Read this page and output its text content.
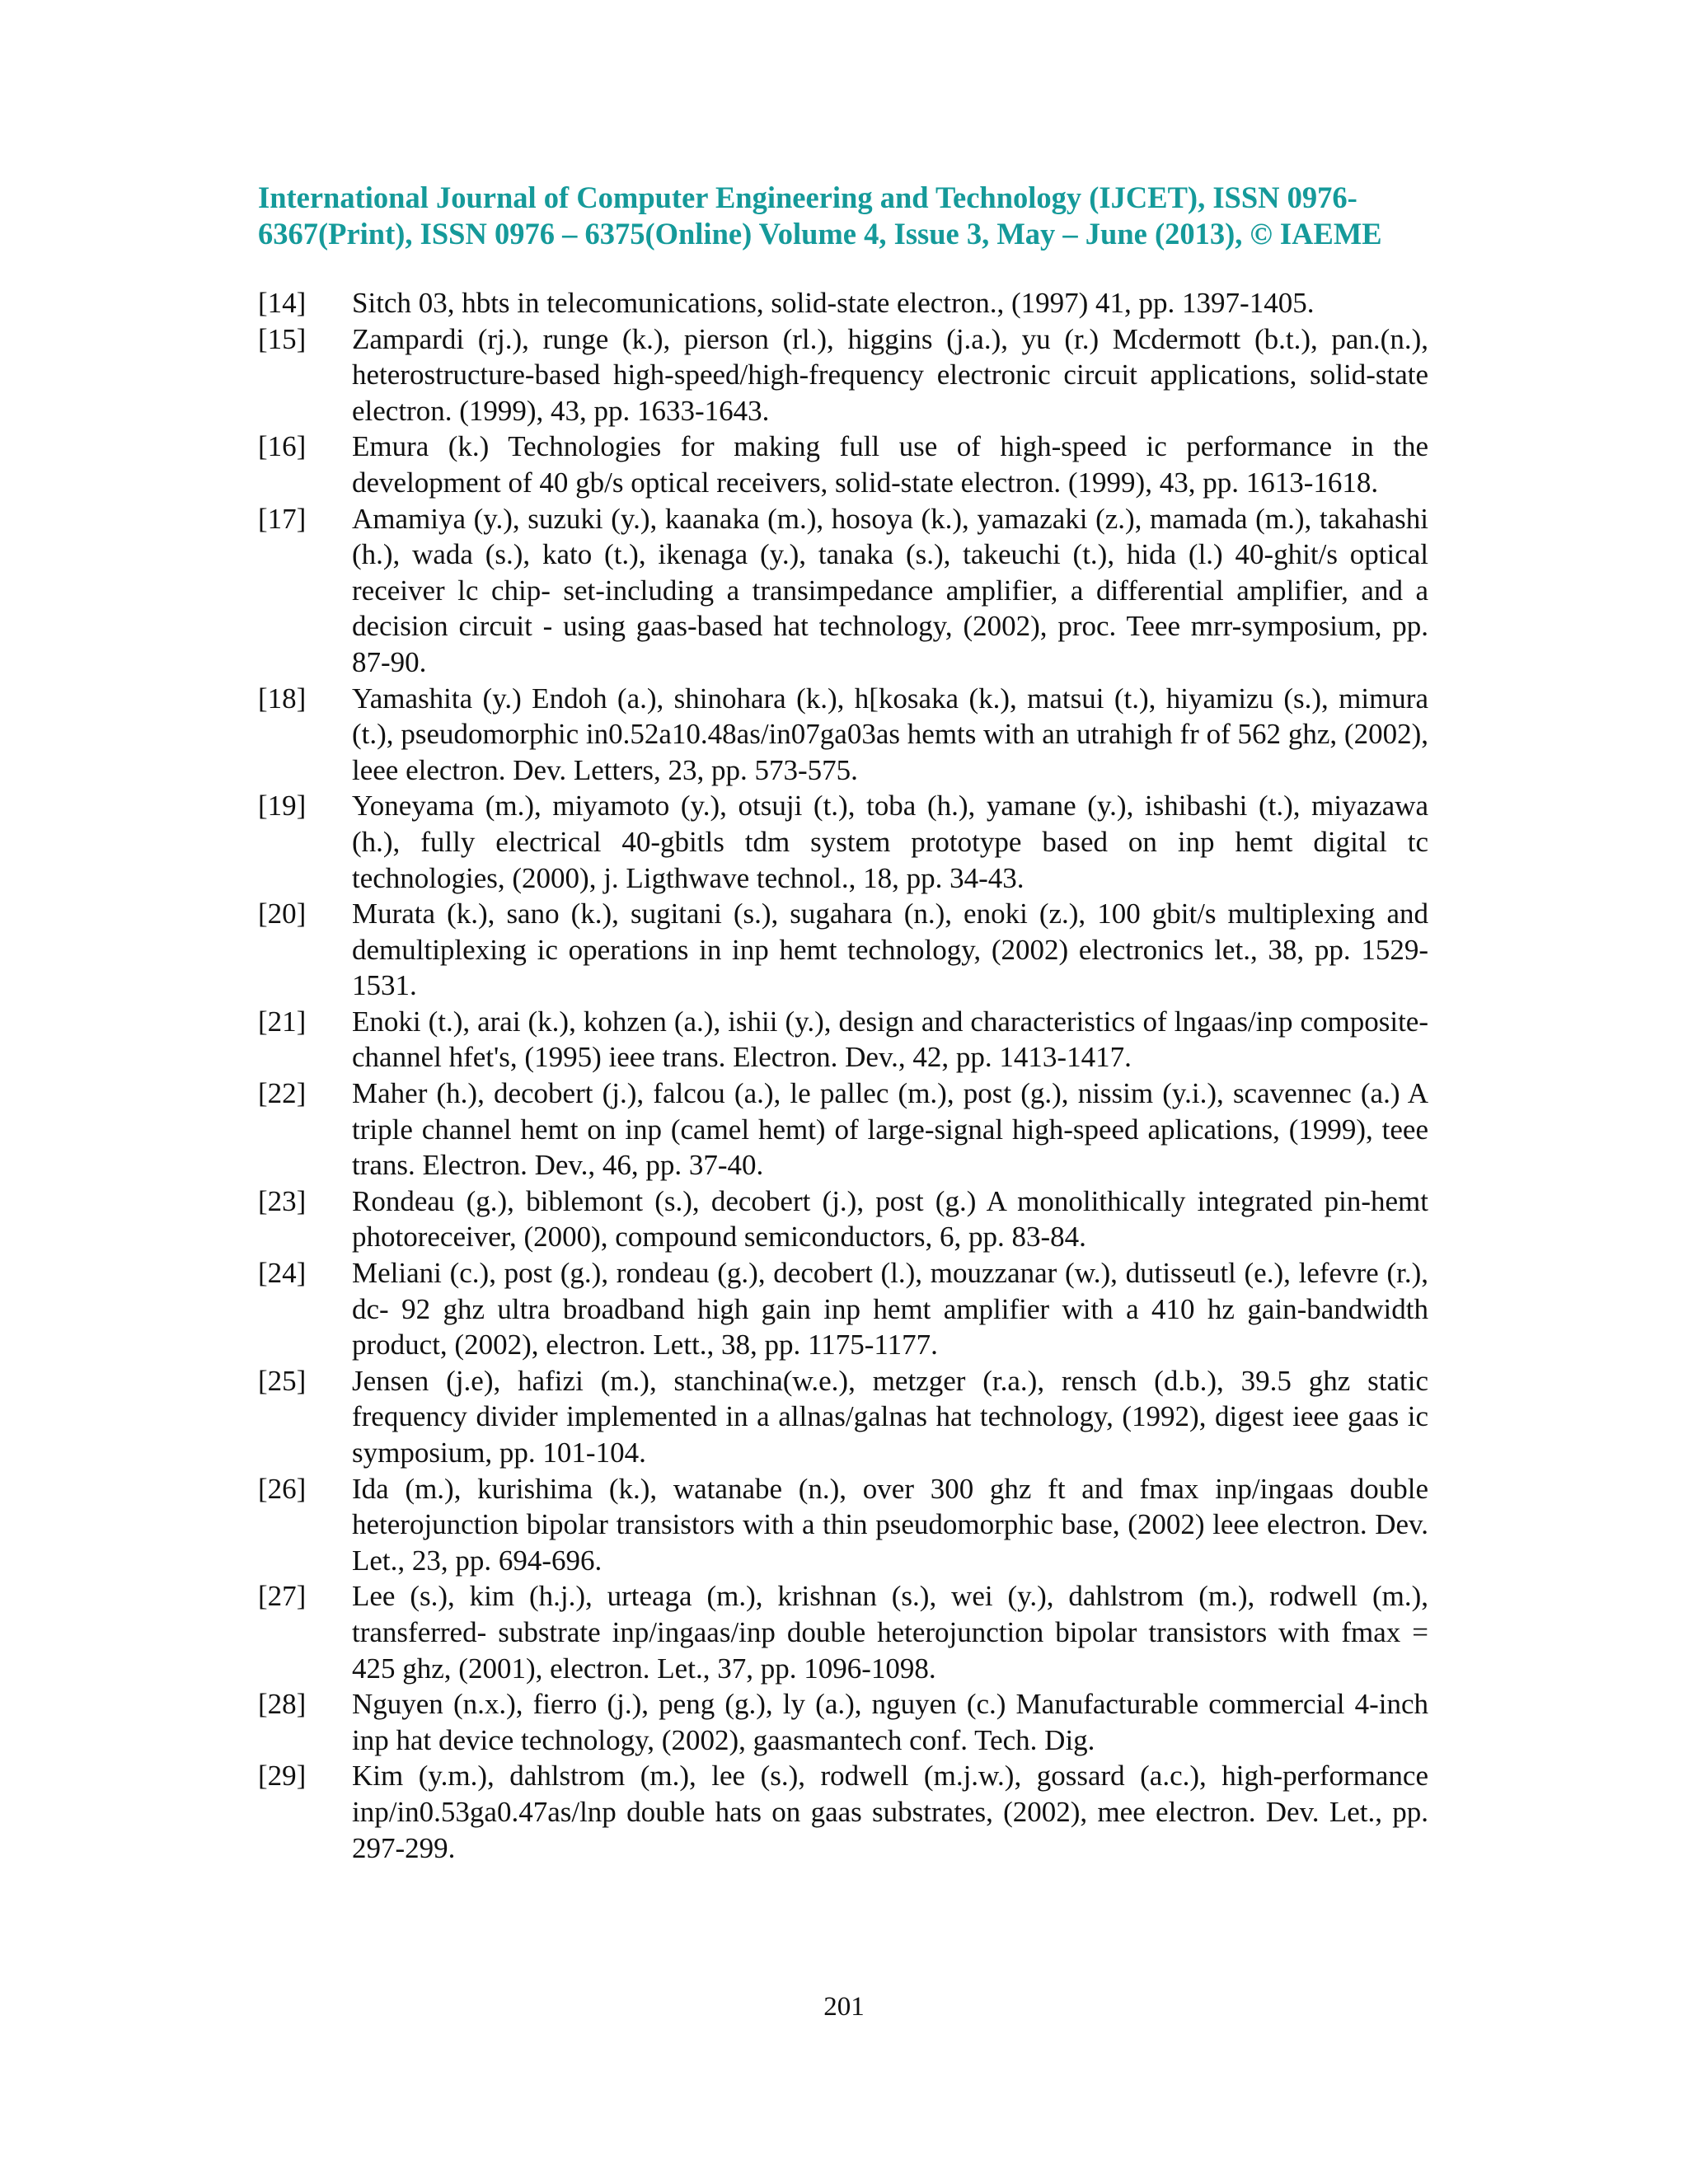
International Journal of Computer Engineering and Technology (IJCET), ISSN 0976-
6367(Print), ISSN 0976 – 6375(Online) Volume 4, Issue 3, May – June (2013), © IAEME
[14]	Sitch 03, hbts in telecomunications, solid-state electron., (1997) 41, pp. 1397-1405.
[15]	Zampardi (rj.), runge (k.), pierson (rl.), higgins (j.a.), yu (r.) Mcdermott (b.t.), pan.(n.), heterostructure-based high-speed/high-frequency electronic circuit applications, solid-state electron. (1999), 43, pp. 1633-1643.
[16]	Emura (k.) Technologies for making full use of high-speed ic performance in the development of 40 gb/s optical receivers, solid-state electron. (1999), 43, pp. 1613-1618.
[17]	Amamiya (y.), suzuki (y.), kaanaka (m.), hosoya (k.), yamazaki (z.), mamada (m.), takahashi (h.), wada (s.), kato (t.), ikenaga (y.), tanaka (s.), takeuchi (t.), hida (l.) 40-ghit/s optical receiver lc chip- set-including a transimpedance amplifier, a differential amplifier, and a decision circuit - using gaas-based hat technology, (2002), proc. Teee mrr-symposium, pp. 87-90.
[18]	Yamashita (y.) Endoh (a.), shinohara (k.), h[kosaka (k.), matsui (t.), hiyamizu (s.), mimura (t.), pseudomorphic in0.52a10.48as/in07ga03as hemts with an utrahigh fr of 562 ghz, (2002), leee electron. Dev. Letters, 23, pp. 573-575.
[19]	Yoneyama (m.), miyamoto (y.), otsuji (t.), toba (h.), yamane (y.), ishibashi (t.), miyazawa (h.), fully electrical 40-gbitls tdm system prototype based on inp hemt digital tc technologies, (2000), j. Ligthwave technol., 18, pp. 34-43.
[20]	Murata (k.), sano (k.), sugitani (s.), sugahara (n.), enoki (z.), 100 gbit/s multiplexing and demultiplexing ic operations in inp hemt technology, (2002) electronics let., 38, pp. 1529-1531.
[21]	Enoki (t.), arai (k.), kohzen (a.), ishii (y.), design and characteristics of lngaas/inp composite-channel hfet's, (1995) ieee trans. Electron. Dev., 42, pp. 1413-1417.
[22]	Maher (h.), decobert (j.), falcou (a.), le pallec (m.), post (g.), nissim (y.i.), scavennec (a.) A triple channel hemt on inp (camel hemt) of large-signal high-speed aplications, (1999), teee trans. Electron. Dev., 46, pp. 37-40.
[23]	Rondeau (g.), biblemont (s.), decobert (j.), post (g.) A monolithically integrated pin-hemt photoreceiver, (2000), compound semiconductors, 6, pp. 83-84.
[24]	Meliani (c.), post (g.), rondeau (g.), decobert (l.), mouzzanar (w.), dutisseutl (e.), lefevre (r.), dc- 92 ghz ultra broadband high gain inp hemt amplifier with a 410 hz gain-bandwidth product, (2002), electron. Lett., 38, pp. 1175-1177.
[25]	Jensen (j.e), hafizi (m.), stanchina(w.e.), metzger (r.a.), rensch (d.b.), 39.5 ghz static frequency divider implemented in a allnas/galnas hat technology, (1992), digest ieee gaas ic symposium, pp. 101-104.
[26]	Ida (m.), kurishima (k.), watanabe (n.), over 300 ghz ft and fmax inp/ingaas double heterojunction bipolar transistors with a thin pseudomorphic base, (2002) leee electron. Dev. Let., 23, pp. 694-696.
[27]	Lee (s.), kim (h.j.), urteaga (m.), krishnan (s.), wei (y.), dahlstrom (m.), rodwell (m.), transferred- substrate inp/ingaas/inp double heterojunction bipolar transistors with fmax = 425 ghz, (2001), electron. Let., 37, pp. 1096-1098.
[28]	Nguyen (n.x.), fierro (j.), peng (g.), ly (a.), nguyen (c.) Manufacturable commercial 4-inch inp hat device technology, (2002), gaasmantech conf. Tech. Dig.
[29]	Kim (y.m.), dahlstrom (m.), lee (s.), rodwell (m.j.w.), gossard (a.c.), high-performance inp/in0.53ga0.47as/lnp double hats on gaas substrates, (2002), mee electron. Dev. Let., pp. 297-299.
201
